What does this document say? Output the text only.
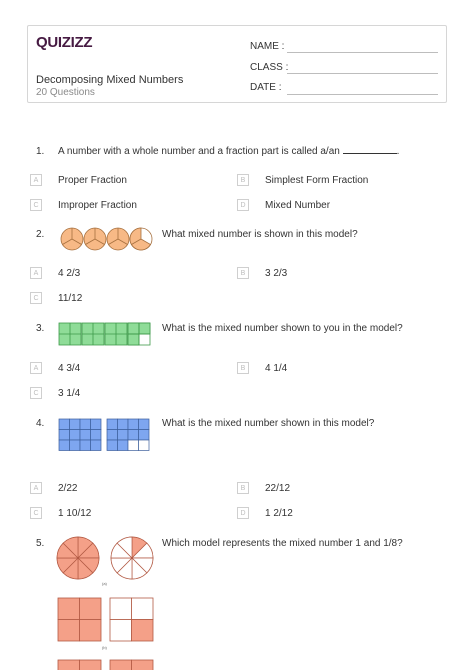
QUIZIZZ
Decomposing Mixed Numbers
20 Questions
NAME :
CLASS :
DATE :
1. A number with a whole number and a fraction part is called a/an	.
A	Proper Fraction	B	Simplest Form Fraction
C	Improper Fraction	D	Mixed Number
2.	What mixed number is shown in this model?
A	4 2/3	B	3 2/3
C	11/12
3.	What is the mixed number shown to you in the model?
A	4 3/4	B	4 1/4
C	3 1/4
4.	What is the mixed number shown in this model?
A	2/22	B	22/12
C	1 10/12	D	1 2/12
5.	Which model represents the mixed number 1 and 1/8?
(a)
(b)
